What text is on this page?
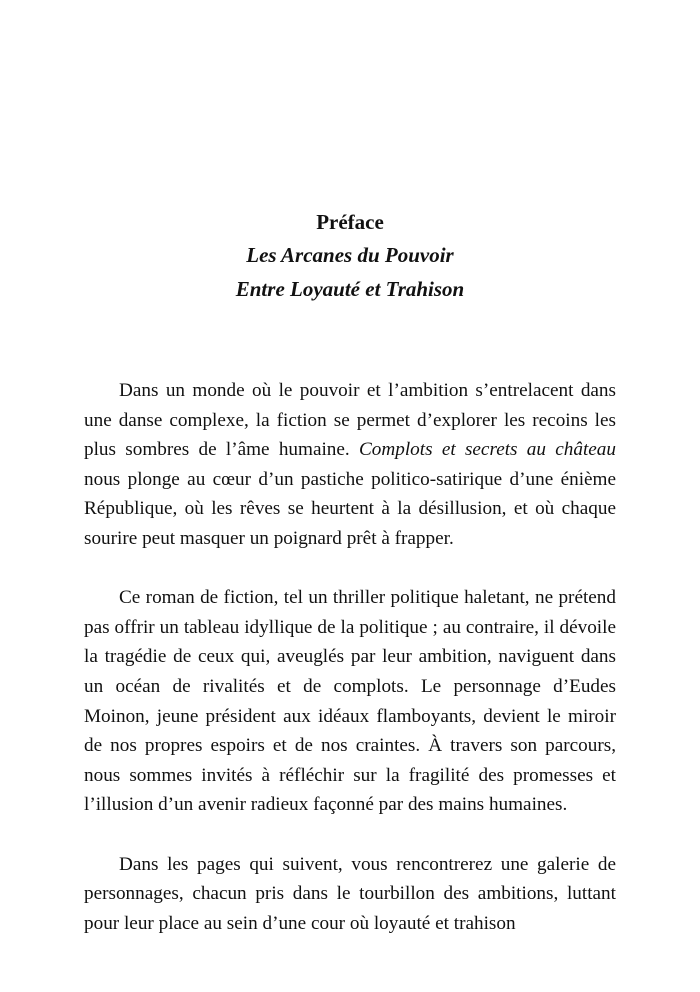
Préface

Les Arcanes du Pouvoir

Entre Loyauté et Trahison

Dans un monde où le pouvoir et l’ambition s’entrelacent dans une danse complexe, la fiction se permet d’explorer les recoins les plus sombres de l’âme humaine. Complots et secrets au château nous plonge au cœur d’un pastiche politico-satirique d’une énième République, où les rêves se heurtent à la désillusion, et où chaque sourire peut masquer un poignard prêt à frapper.

Ce roman de fiction, tel un thriller politique haletant, ne prétend pas offrir un tableau idyllique de la politique ; au contraire, il dévoile la tragédie de ceux qui, aveuglés par leur ambition, naviguent dans un océan de rivalités et de complots. Le personnage d’Eudes Moinon, jeune président aux idéaux flamboyants, devient le miroir de nos propres espoirs et de nos craintes. À travers son parcours, nous sommes invités à réfléchir sur la fragilité des promesses et l’illusion d’un avenir radieux façonné par des mains humaines.

Dans les pages qui suivent, vous rencontrerez une galerie de personnages, chacun pris dans le tourbillon des ambitions, luttant pour leur place au sein d’une cour où loyauté et trahison
